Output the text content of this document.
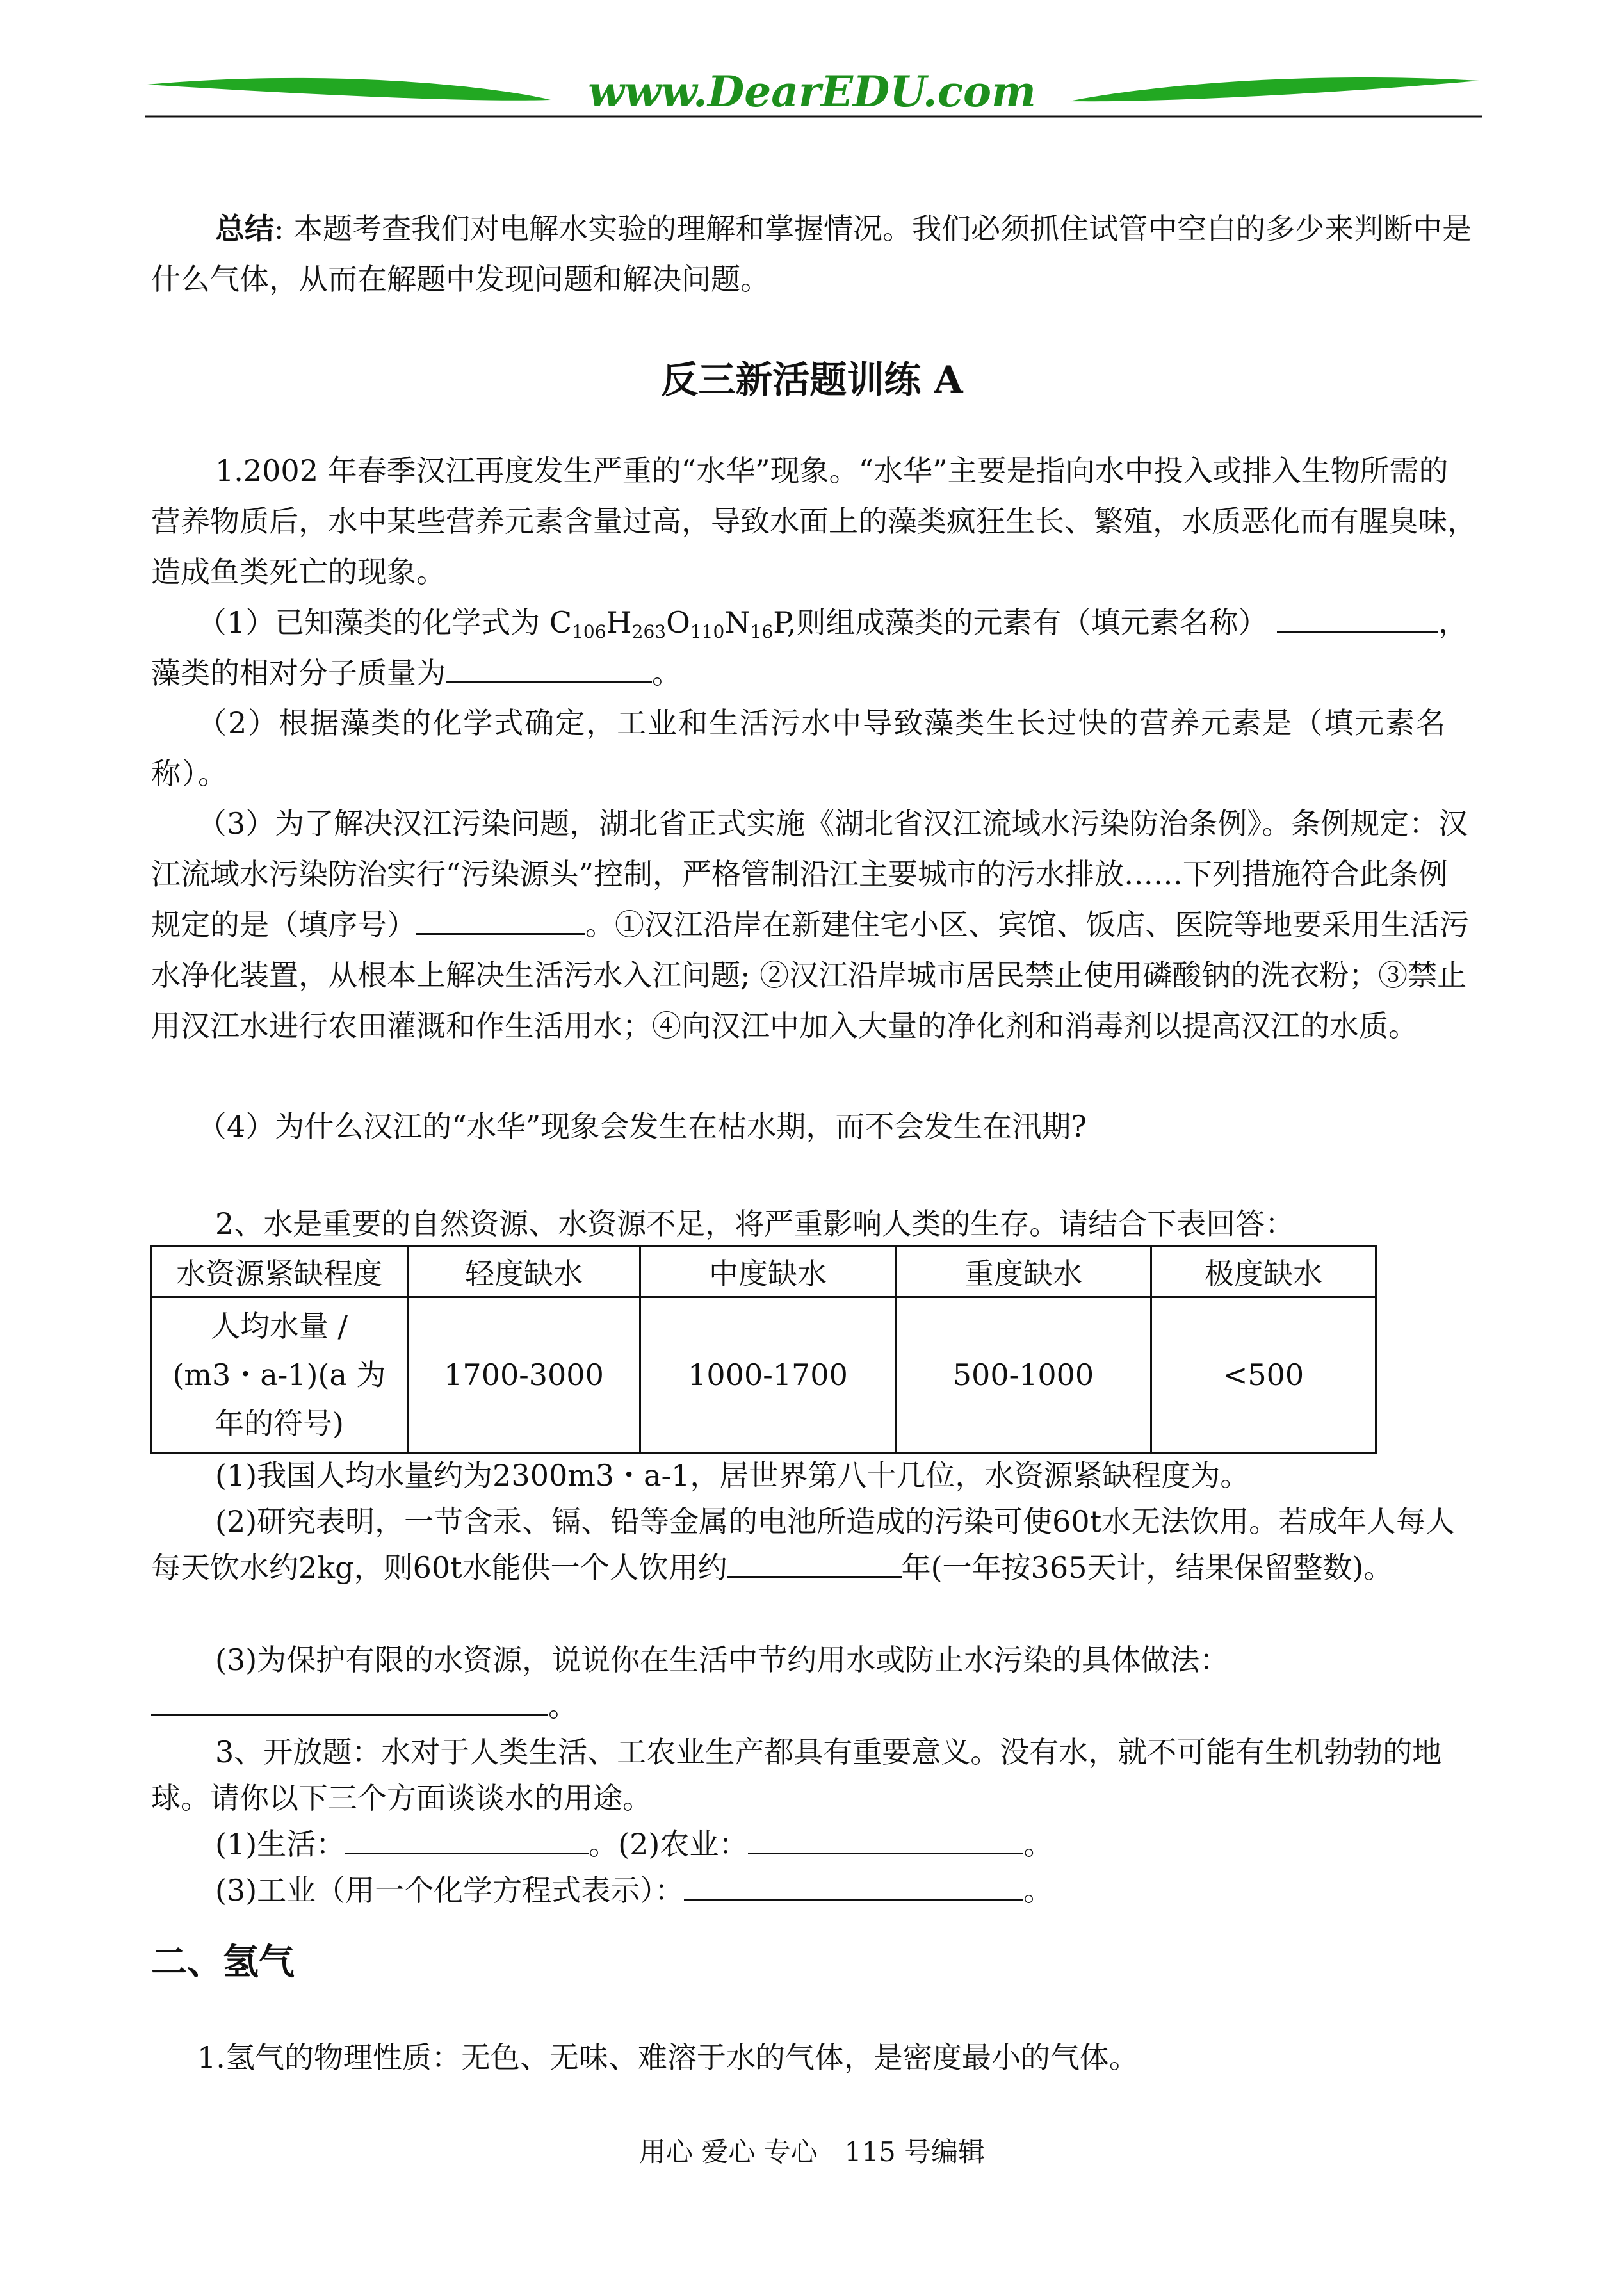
www.DearEDU.com

总结: 本题考查我们对电解水实验的理解和掌握情况。我们必须抓住试管中空白的多少来判断中是什么气体，从而在解题中发现问题和解决问题。

反三新活题训练 A

1.2002 年春季汉江再度发生严重的“水华”现象。“水华”主要是指向水中投入或排入生物所需的营养物质后，水中某些营养元素含量过高，导致水面上的藻类疯狂生长、繁殖，水质恶化而有腥臭味，造成鱼类死亡的现象。

（1）已知藻类的化学式为 $C_{106}H_{263}O_{110}N_{16}P$,则组成藻类的元素有（填元素名称）	，

藻类的相对分子质量为	。

（2）根据藻类的化学式确定，工业和生活污水中导致藻类生长过快的营养元素是（填元素名称）。

（3）为了解决汉江污染问题，湖北省正式实施《湖北省汉江流域水污染防治条例》。条例规定：汉江流域水污染防治实行“污染源头”控制，严格管制沿江主要城市的污水排放……下列措施符合此条例规定的是（填序号）	。①汉江沿岸在新建住宅小区、宾馆、饭店、医院等地要采用生活污水净化装置，从根本上解决生活污水入江问题; ②汉江沿岸城市居民禁止使用磷酸钠的洗衣粉；③禁止用汉江水进行农田灌溉和作生活用水；④向汉江中加入大量的净化剂和消毒剂以提高汉江的水质。

（4）为什么汉江的“水华”现象会发生在枯水期，而不会发生在汛期?

2、水是重要的自然资源、水资源不足，将严重影响人类的生存。请结合下表回答：

水资源紧缺程度	轻度缺水	中度缺水	重度缺水	极度缺水

人均水量 /
(m3・a-1)(a 为
年的符号)	1700-3000	1000-1700	500-1000	<500

(1)我国人均水量约为2300m3・a-1，居世界第八十几位，水资源紧缺程度为。

(2)研究表明，一节含汞、镉、铅等金属的电池所造成的污染可使60t水无法饮用。若成年人每人每天饮水约2kg，则60t水能供一个人饮用约	年(一年按365天计，结果保留整数)。

(3)为保护有限的水资源，说说你在生活中节约用水或防止水污染的具体做法：。

3、开放题：水对于人类生活、工农业生产都具有重要意义。没有水，就不可能有生机勃勃的地球。请你以下三个方面谈谈水的用途。

(1)生活：	。(2)农业：	。

(3)工业（用一个化学方程式表示）：	。

二、氢气

1.氢气的物理性质：无色、无味、难溶于水的气体，是密度最小的气体。

用心 爱心 专心　115 号编辑
